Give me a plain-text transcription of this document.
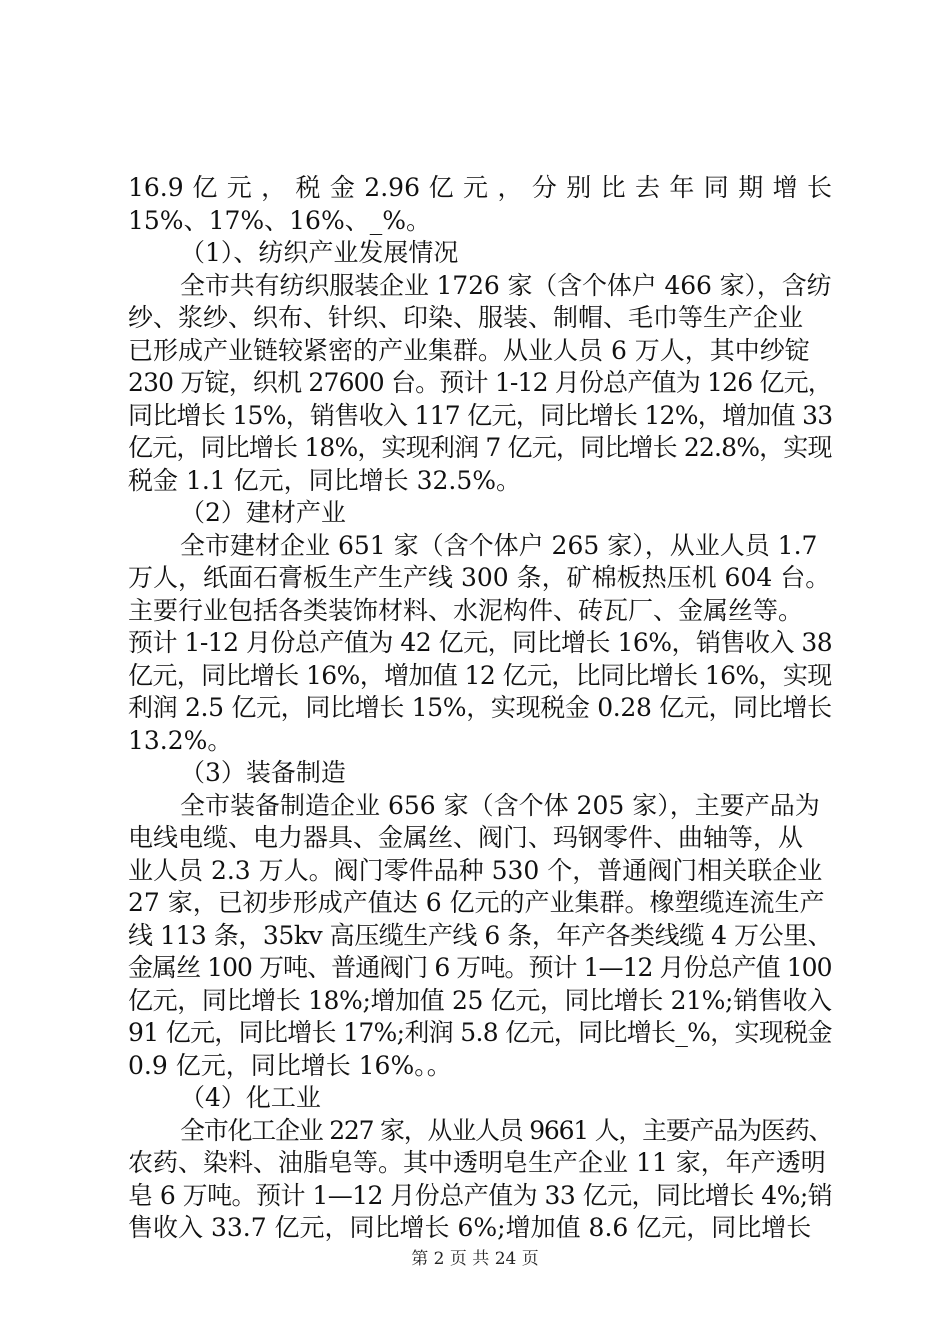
16.9 亿 元 ， 税 金 2.96 亿 元 ， 分 别 比 去 年 同 期 增 长
15%、17%、16%、_%。
（1）、纺织产业发展情况
全市共有纺织服装企业 1726 家（含个体户 466 家），含纺
纱、浆纱、织布、针织、印染、服装、制帽、毛巾等生产企业
已形成产业链较紧密的产业集群。从业人员 6 万人，其中纱锭
230 万锭，织机 27600 台。预计 1-12 月份总产值为 126 亿元，
同比增长 15%，销售收入 117 亿元，同比增长 12%，增加值 33
亿元，同比增长 18%，实现利润 7 亿元，同比增长 22.8%，实现
税金 1.1 亿元，同比增长 32.5%。
（2）建材产业
全市建材企业 651 家（含个体户 265 家），从业人员 1.7
万人，纸面石膏板生产生产线 300 条，矿棉板热压机 604 台。
主要行业包括各类装饰材料、水泥构件、砖瓦厂、金属丝等。
预计 1-12 月份总产值为 42 亿元，同比增长 16%，销售收入 38
亿元，同比增长 16%，增加值 12 亿元，比同比增长 16%，实现
利润 2.5 亿元，同比增长 15%，实现税金 0.28 亿元，同比增长
13.2%。
（3）装备制造
全市装备制造企业 656 家（含个体 205 家），主要产品为
电线电缆、电力器具、金属丝、阀门、玛钢零件、曲轴等，从
业人员 2.3 万人。阀门零件品种 530 个，普通阀门相关联企业
27 家，已初步形成产值达 6 亿元的产业集群。橡塑缆连流生产
线 113 条，35kv 高压缆生产线 6 条，年产各类线缆 4 万公里、
金属丝 100 万吨、普通阀门 6 万吨。预计 1—12 月份总产值 100
亿元，同比增长 18%;增加值 25 亿元，同比增长 21%;销售收入
91 亿元，同比增长 17%;利润 5.8 亿元，同比增长_%，实现税金
0.9 亿元，同比增长 16%。。
（4）化工业
全市化工企业 227 家，从业人员 9661 人，主要产品为医药、
农药、染料、油脂皂等。其中透明皂生产企业 11 家，年产透明
皂 6 万吨。预计 1—12 月份总产值为 33 亿元，同比增长 4%;销
售收入 33.7 亿元，同比增长 6%;增加值 8.6 亿元，同比增长
第 2 页 共 24 页
